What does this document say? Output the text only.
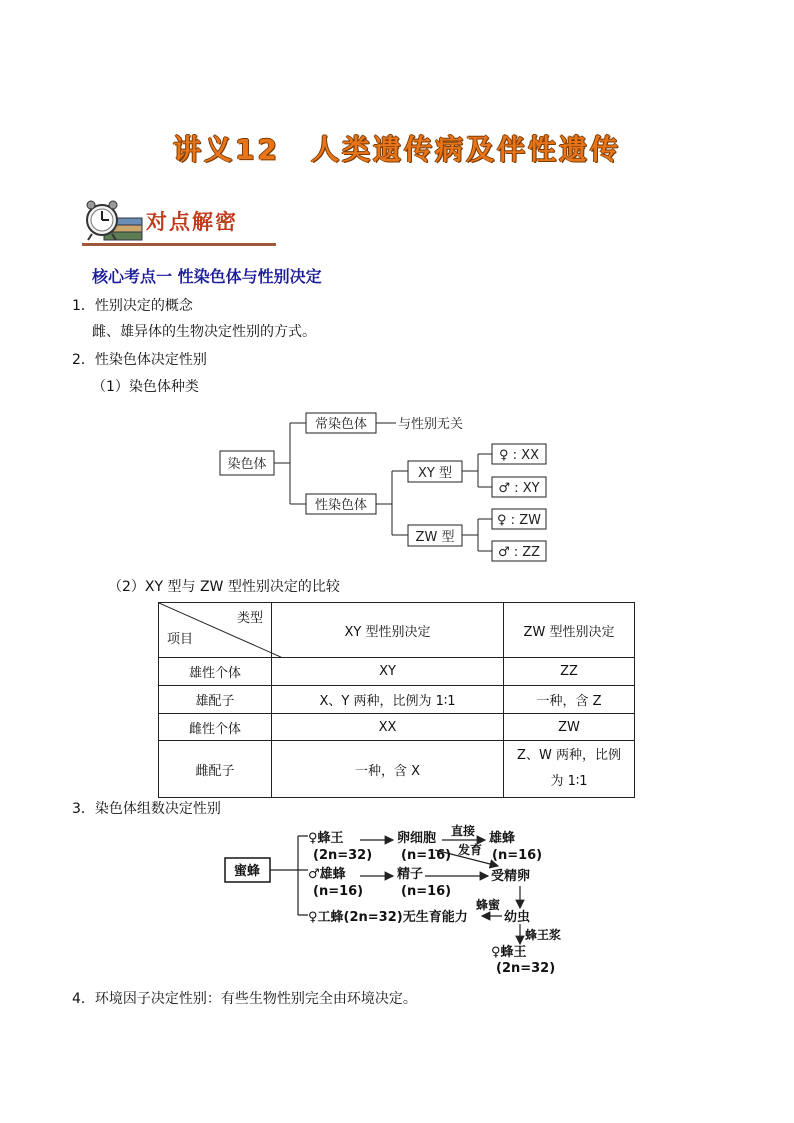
讲义12　人类遗传病及伴性遗传
对点解密
核心考点一 性染色体与性别决定
1．性别决定的概念
雌、雄异体的生物决定性别的方式。
2．性染色体决定性别
（1）染色体种类
染色体
常染色体 与性别无关
性染色体
XY 型
ZW 型
♀ : XX
♂ : XY
♀ : ZW
♂ : ZZ
（2）XY 型与 ZW 型性别决定的比较
类型
项目	XY 型性别决定	ZW 型性别决定
雄性个体	XY	ZZ
雄配子	X、Y 两种，比例为 1∶1	一种，含 Z
雌性个体	XX	ZW
雌配子	一种，含 X	Z、W 两种，比例
为 1∶1
3．染色体组数决定性别
蜜蜂
♀蜂王
(2n=32)
卵细胞
(n=16)
直接
发育
雄蜂
(n=16)
♂雄蜂
(n=16)
精子
(n=16)
受精卵
蜂蜜
♀工蜂(2n=32)无生育能力	幼虫
蜂王浆
♀蜂王
(2n=32)
4．环境因子决定性别：有些生物性别完全由环境决定。
